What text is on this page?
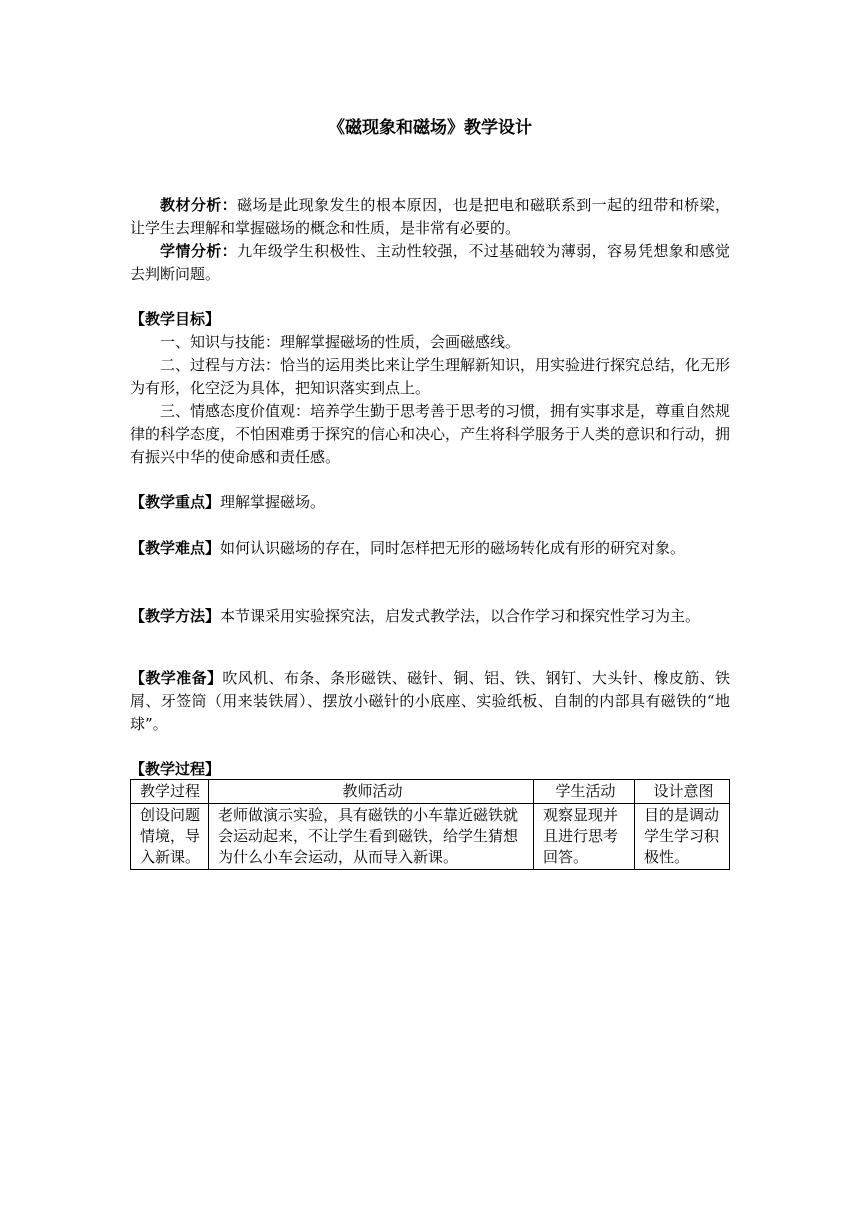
《磁现象和磁场》教学设计
教材分析：磁场是此现象发生的根本原因，也是把电和磁联系到一起的纽带和桥梁，让学生去理解和掌握磁场的概念和性质，是非常有必要的。
学情分析：九年级学生积极性、主动性较强，不过基础较为薄弱，容易凭想象和感觉去判断问题。
【教学目标】
一、知识与技能：理解掌握磁场的性质，会画磁感线。
二、过程与方法：恰当的运用类比来让学生理解新知识，用实验进行探究总结，化无形为有形，化空泛为具体，把知识落实到点上。
三、情感态度价值观：培养学生勤于思考善于思考的习惯，拥有实事求是，尊重自然规律的科学态度，不怕困难勇于探究的信心和决心，产生将科学服务于人类的意识和行动，拥有振兴中华的使命感和责任感。
【教学重点】理解掌握磁场。
【教学难点】如何认识磁场的存在，同时怎样把无形的磁场转化成有形的研究对象。
【教学方法】本节课采用实验探究法，启发式教学法，以合作学习和探究性学习为主。
【教学准备】吹风机、布条、条形磁铁、磁针、铜、铝、铁、钢钉、大头针、橡皮筋、铁屑、牙签筒（用来装铁屑）、摆放小磁针的小底座、实验纸板、自制的内部具有磁铁的“地球”。
【教学过程】
教学过程	教师活动	学生活动	设计意图
创设问题情境，导入新课。	老师做演示实验，具有磁铁的小车靠近磁铁就会运动起来，不让学生看到磁铁，给学生猜想为什么小车会运动，从而导入新课。	观察显现并且进行思考回答。	目的是调动学生学习积极性。
